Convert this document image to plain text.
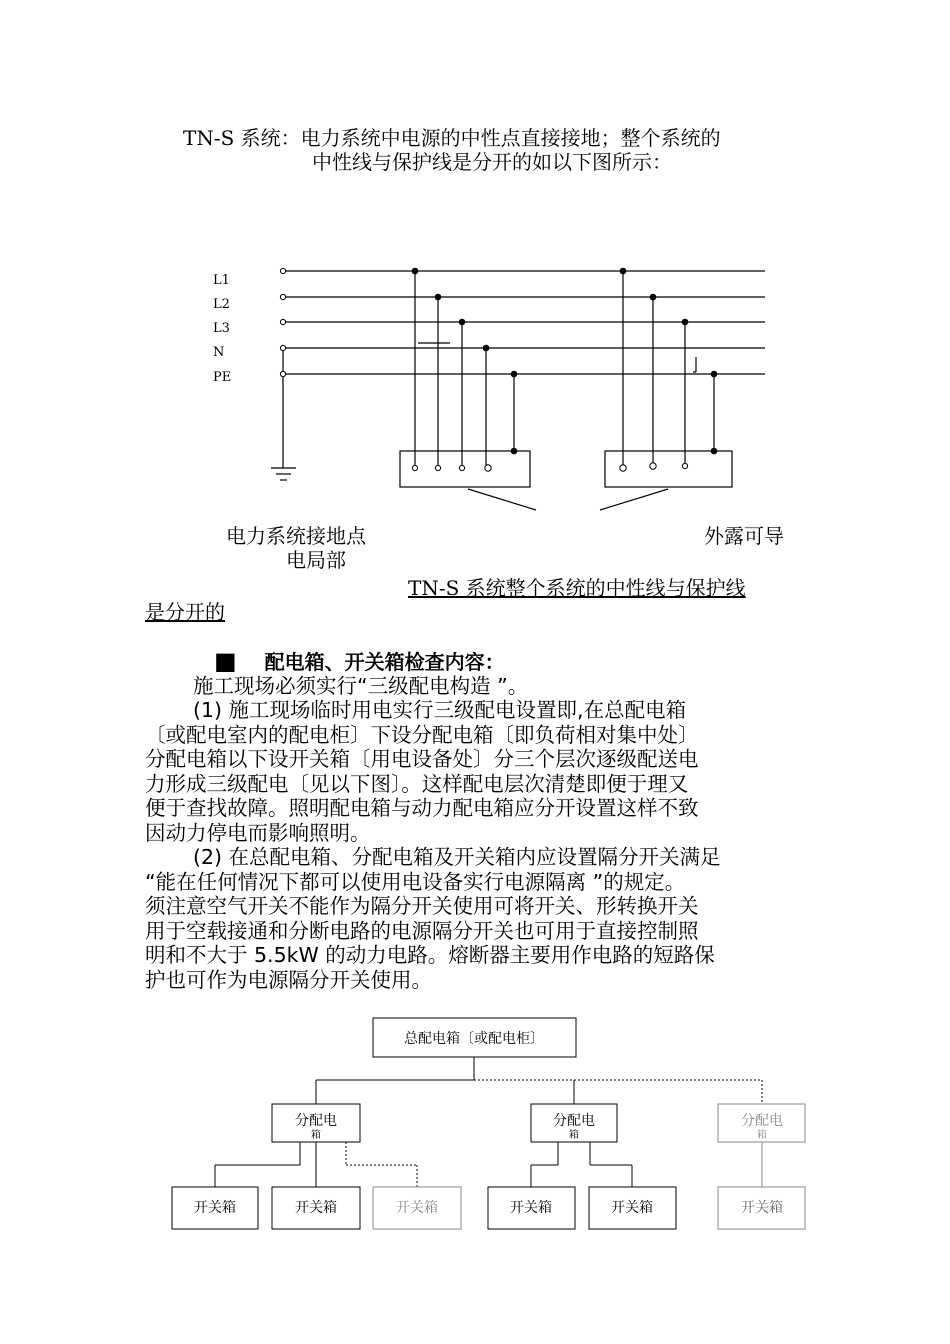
TN-S 系统：电力系统中电源的中性点直接接地；整个系统的
中性线与保护线是分开的如以下图所示：
L1
L2
L3
N
PE
电力系统接地点
电局部
外露可导
TN-S 系统整个系统的中性线与保护线
是分开的
■ 配电箱、开关箱检查内容：
施工现场必须实行“三级配电构造 ”。
(1) 施工现场临时用电实行三级配电设置即,在总配电箱
〔或配电室内的配电柜〕下设分配电箱〔即负荷相对集中处〕
分配电箱以下设开关箱〔用电设备处〕分三个层次逐级配送电
力形成三级配电〔见以下图〕。这样配电层次清楚即便于理又
便于查找故障。照明配电箱与动力配电箱应分开设置这样不致
因动力停电而影响照明。
(2) 在总配电箱、分配电箱及开关箱内应设置隔分开关满足
“能在任何情况下都可以使用电设备实行电源隔离 ”的规定。
须注意空气开关不能作为隔分开关使用可将开关、形转换开关
用于空载接通和分断电路的电源隔分开关也可用于直接控制照
明和不大于 5.5kW 的动力电路。熔断器主要用作电路的短路保
护也可作为电源隔分开关使用。
总配电箱〔或配电柜〕
分配电
箱
分配电
箱
分配电
箱
开关箱	开关箱	开关箱	开关箱	开关箱	开关箱
